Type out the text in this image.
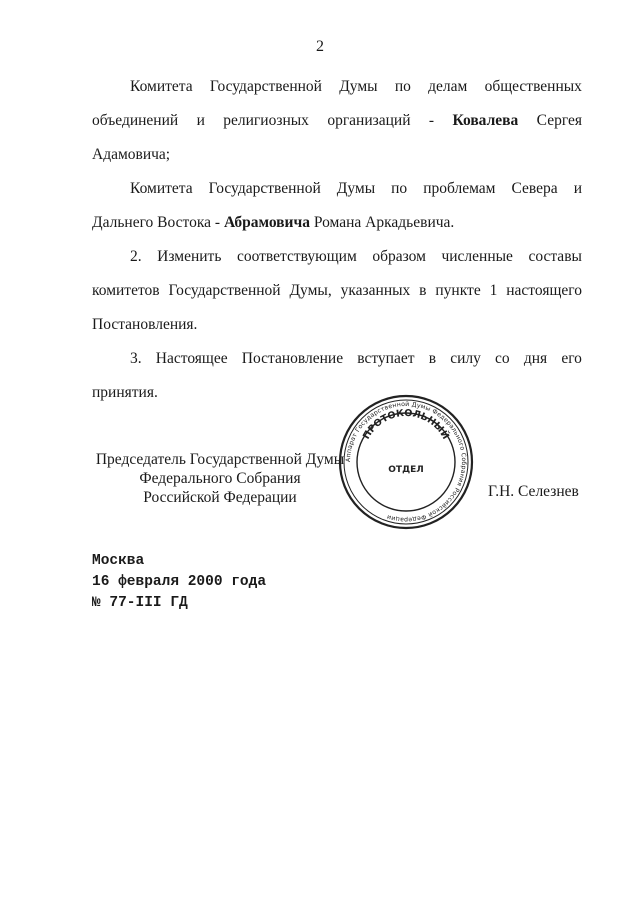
2
Комитета Государственной Думы по делам общественных
объединений и религиозных организаций - Ковалева Сергея
Адамовича;
Комитета Государственной Думы по проблемам Севера и
Дальнего Востока - Абрамовича Романа Аркадьевича.
2. Изменить соответствующим образом численные составы
комитетов Государственной Думы, указанных в пункте 1 настоящего
Постановления.
3. Настоящее Постановление вступает в силу со дня его
принятия.
Аппарат Государственной Думы Федерального Собрания Российской Федерации
ПРОТОКОЛЬНЫЙ
ОТДЕЛ
Председатель Государственной Думы
Федерального Собрания
Российской Федерации	Г.Н. Селезнев
Москва
16 февраля 2000 года
№ 77-III ГД
